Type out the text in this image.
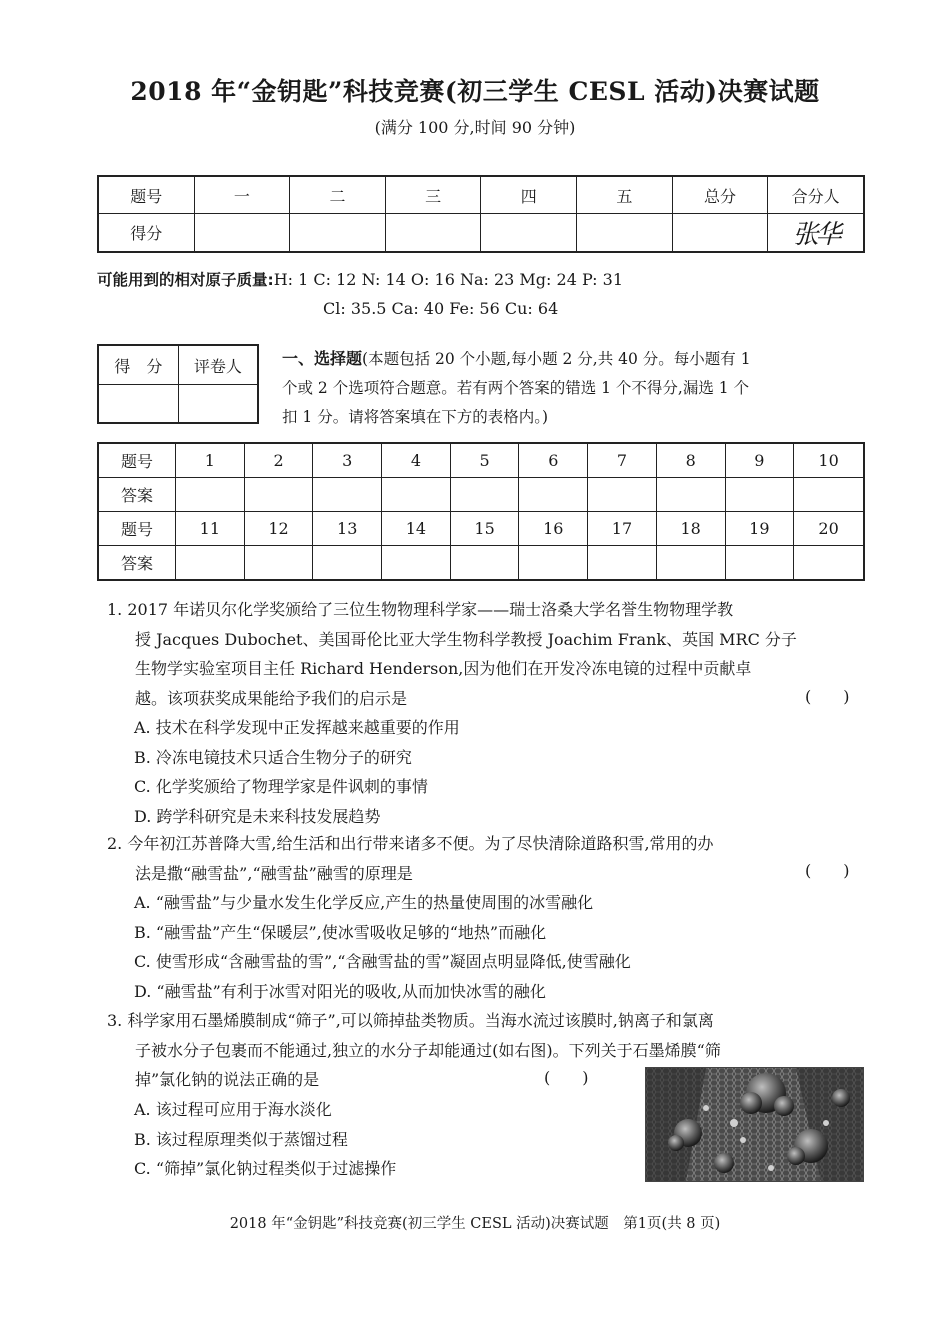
2018 年“金钥匙”科技竞赛(初三学生 CESL 活动)决赛试题
(满分 100 分,时间 90 分钟)
题号	一	二	三	四	五	总分	合分人
得分							张华
可能用到的相对原子质量:H: 1 C: 12 N: 14 O: 16 Na: 23 Mg: 24 P: 31
Cl: 35.5 Ca: 40 Fe: 56 Cu: 64
得　分	评卷人
		一、选择题(本题包括 20 个小题,每小题 2 分,共 40 分。每小题有 1
个或 2 个选项符合题意。若有两个答案的错选 1 个不得分,漏选 1 个
扣 1 分。请将答案填在下方的表格内。)
题号	1	2	3	4	5	6	7	8	9	10
答案										
题号	11	12	13	14	15	16	17	18	19	20
答案										
1. 2017 年诺贝尔化学奖颁给了三位生物物理科学家——瑞士洛桑大学名誉生物物理学教
授 Jacques Dubochet、美国哥伦比亚大学生物科学教授 Joachim Frank、英国 MRC 分子
生物学实验室项目主任 Richard Henderson,因为他们在开发冷冻电镜的过程中贡献卓
越。该项获奖成果能给予我们的启示是	(　　)
A. 技术在科学发现中正发挥越来越重要的作用
B. 冷冻电镜技术只适合生物分子的研究
C. 化学奖颁给了物理学家是件讽刺的事情
D. 跨学科研究是未来科技发展趋势
2. 今年初江苏普降大雪,给生活和出行带来诸多不便。为了尽快清除道路积雪,常用的办
法是撒“融雪盐”,“融雪盐”融雪的原理是	(　　)
A. “融雪盐”与少量水发生化学反应,产生的热量使周围的冰雪融化
B. “融雪盐”产生“保暖层”,使冰雪吸收足够的“地热”而融化
C. 使雪形成“含融雪盐的雪”,“含融雪盐的雪”凝固点明显降低,使雪融化
D. “融雪盐”有利于冰雪对阳光的吸收,从而加快冰雪的融化
3. 科学家用石墨烯膜制成“筛子”,可以筛掉盐类物质。当海水流过该膜时,钠离子和氯离
子被水分子包裹而不能通过,独立的水分子却能通过(如右图)。下列关于石墨烯膜“筛
掉”氯化钠的说法正确的是	(　　)
A. 该过程可应用于海水淡化
B. 该过程原理类似于蒸馏过程
C. “筛掉”氯化钠过程类似于过滤操作
2018 年“金钥匙”科技竞赛(初三学生 CESL 活动)决赛试题　第1页(共 8 页)
